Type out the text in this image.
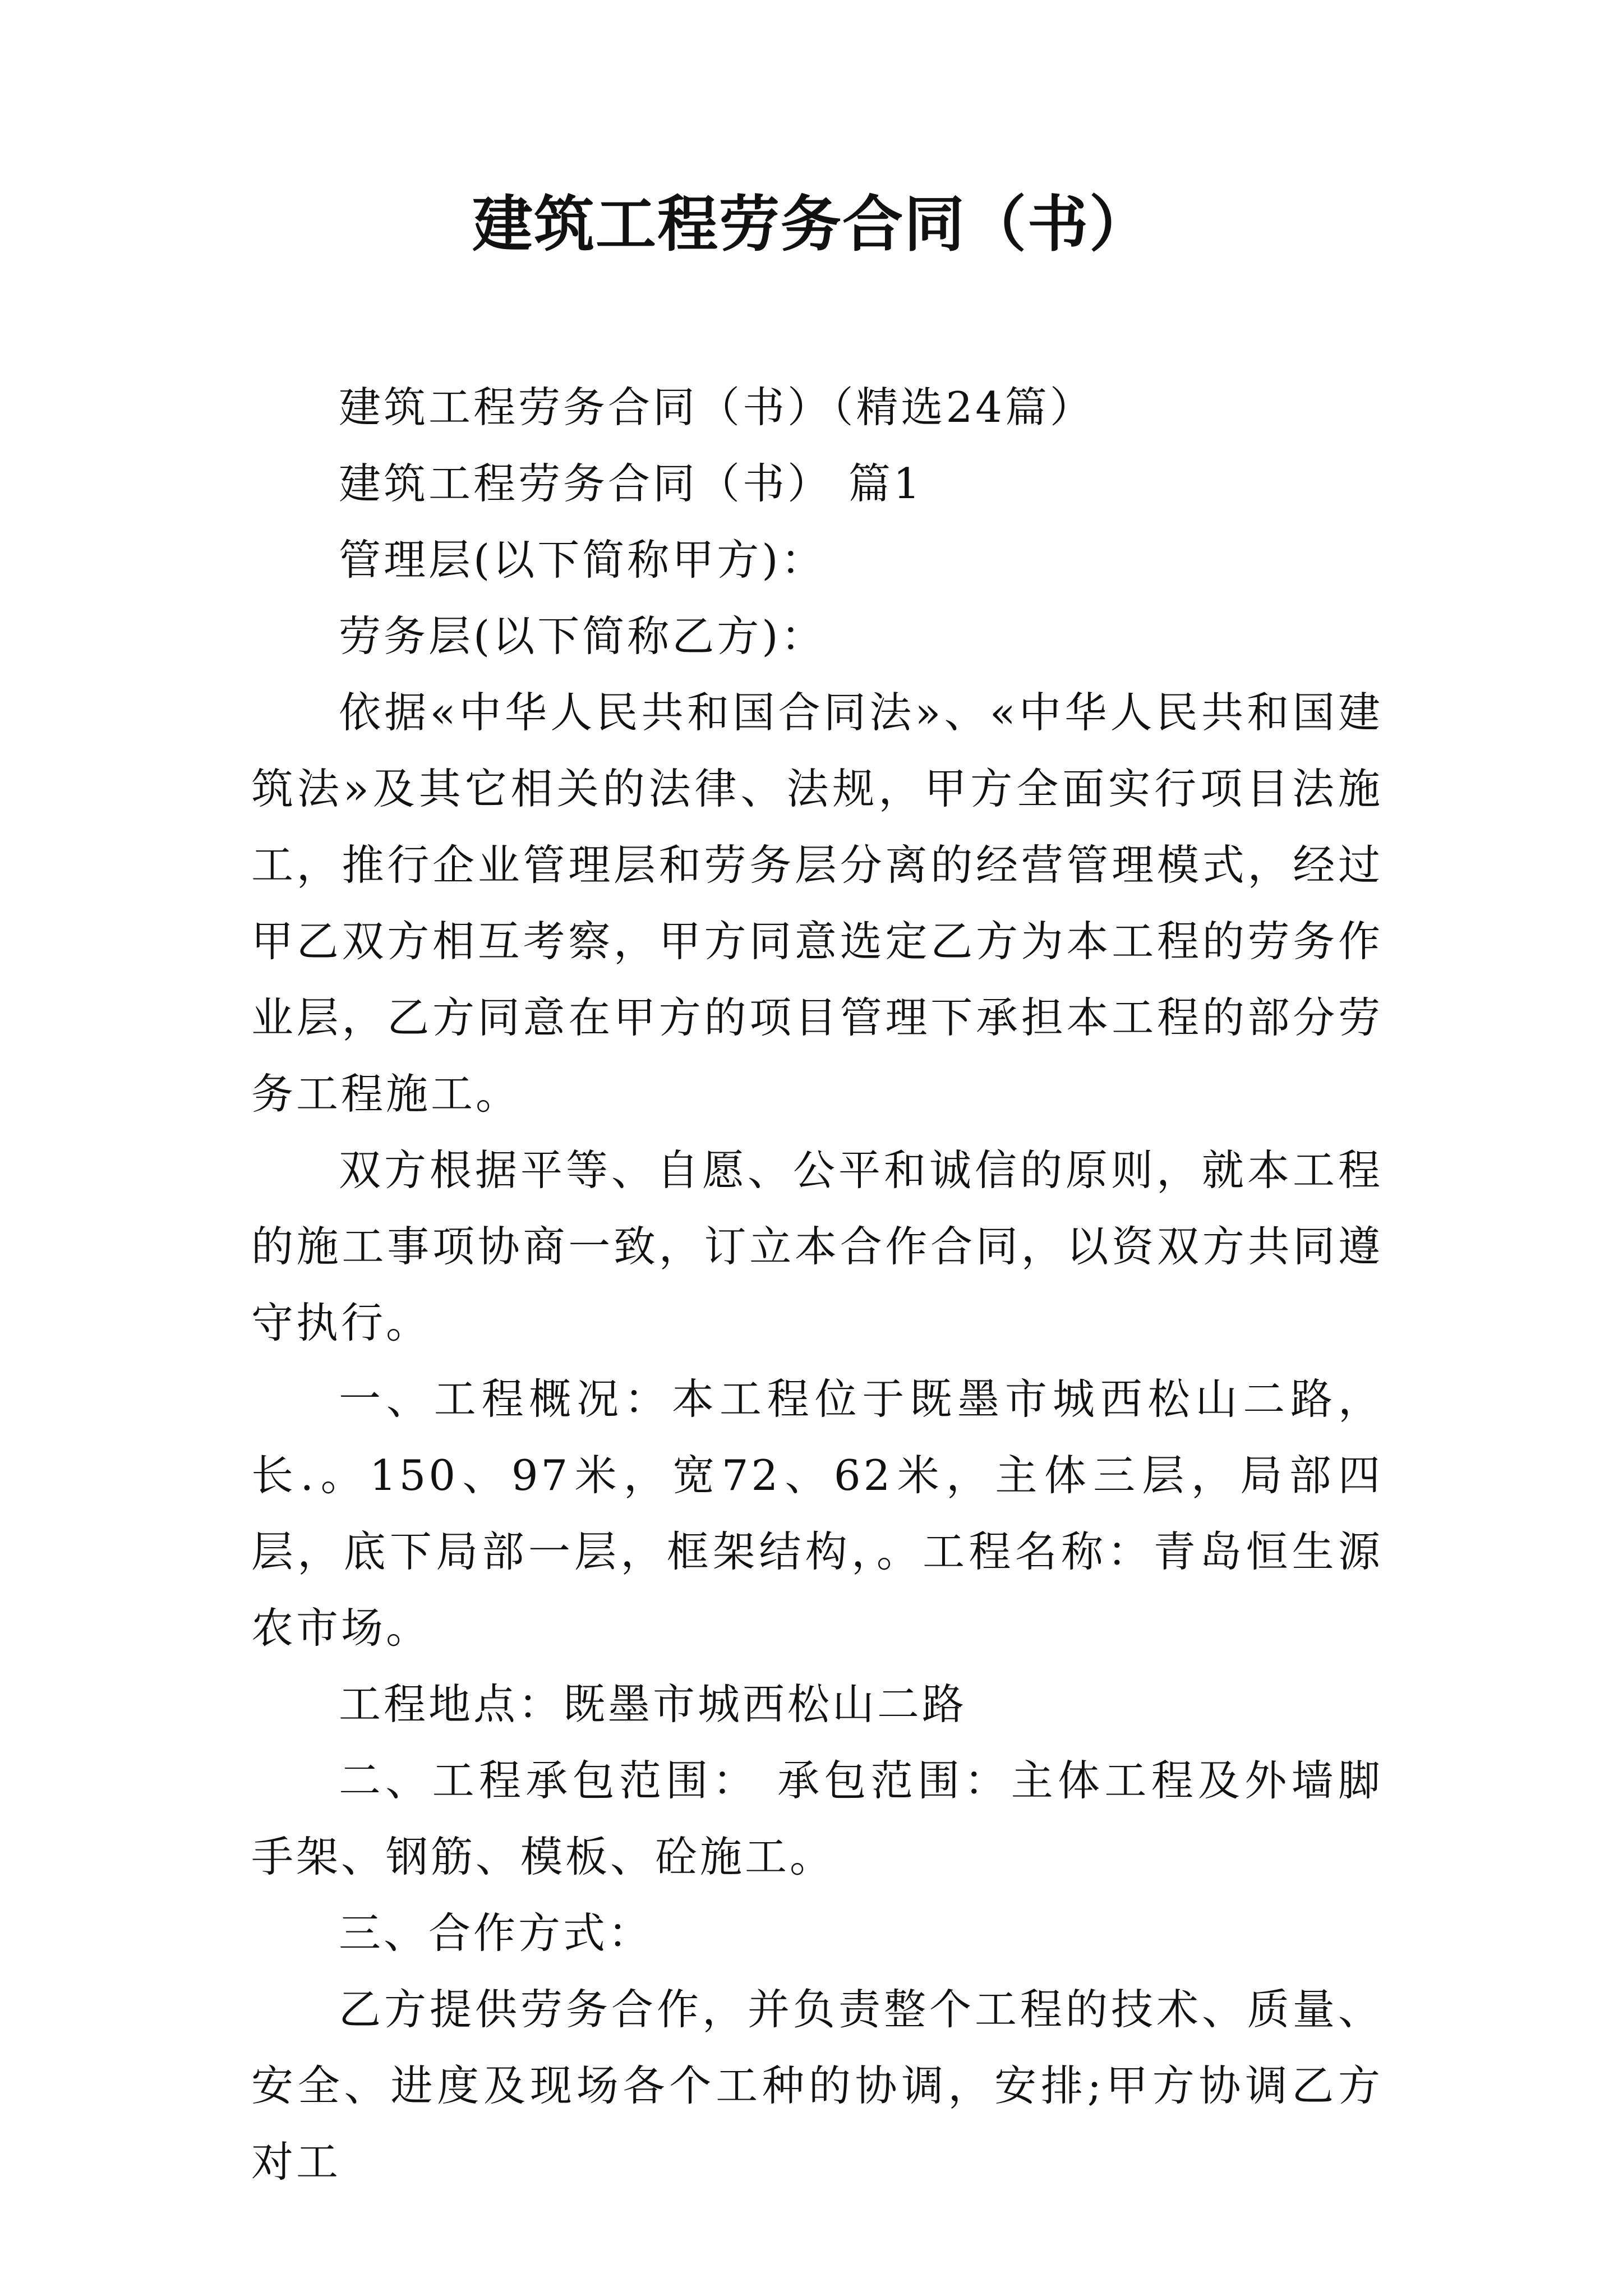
建筑工程劳务合同（书）

建筑工程劳务合同（书）（精选24篇）

建筑工程劳务合同（书） 篇1

管理层(以下简称甲方)：

劳务层(以下简称乙方)：

依据«中华人民共和国合同法»、«中华人民共和国建筑法»及其它相关的法律、法规，甲方全面实行项目法施工，推行企业管理层和劳务层分离的经营管理模式，经过甲乙双方相互考察，甲方同意选定乙方为本工程的劳务作业层，乙方同意在甲方的项目管理下承担本工程的部分劳务工程施工。

双方根据平等、自愿、公平和诚信的原则，就本工程的施工事项协商一致，订立本合作合同，以资双方共同遵守执行。

一、工程概况：本工程位于既墨市城西松山二路，长.。150、97米，宽72、62米，主体三层，局部四层，底下局部一层，框架结构，。工程名称：青岛恒生源农市场。

工程地点：既墨市城西松山二路

二、工程承包范围： 承包范围：主体工程及外墙脚手架、钢筋、模板、砼施工。

三、合作方式：

乙方提供劳务合作，并负责整个工程的技术、质量、安全、进度及现场各个工种的协调，安排;甲方协调乙方对工
